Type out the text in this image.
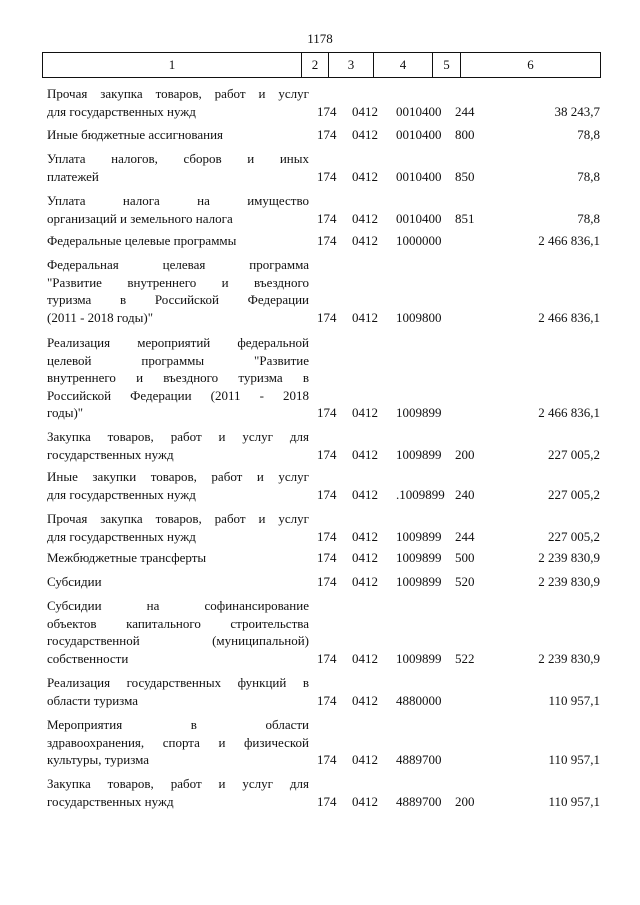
1178
1	2	3	4	5	6
Прочая закупка товаров, работ и услуг
для государственных нужд	174 0412 0010400 244	38 243,7
Иные бюджетные ассигнования	174 0412 0010400 800	78,8
Уплата налогов, сборов и иных
платежей	174 0412 0010400 850	78,8
Уплата налога на имущество
организаций и земельного налога	174 0412 0010400 851	78,8
Федеральные целевые программы	174 0412 1000000	2 466 836,1
Федеральная целевая программа
"Развитие внутреннего и въездного
туризма в Российской Федерации
(2011 - 2018 годы)"	174 0412 1009800	2 466 836,1
Реализация мероприятий федеральной
целевой программы "Развитие
внутреннего и въездного туризма в
Российской Федерации (2011 - 2018
годы)"	174 0412 1009899	2 466 836,1
Закупка товаров, работ и услуг для
государственных нужд	174 0412 1009899 200	227 005,2
Иные закупки товаров, работ и услуг
для государственных нужд	174 0412 .1009899 240	227 005,2
Прочая закупка товаров, работ и услуг
для государственных нужд	174 0412 1009899 244	227 005,2
Межбюджетные трансферты	174 0412 1009899 500	2 239 830,9
Субсидии	174 0412 1009899 520	2 239 830,9
Субсидии на софинансирование
объектов капитального строительства
государственной (муниципальной)
собственности	174 0412 1009899 522	2 239 830,9
Реализация государственных функций в
области туризма	174 0412 4880000	110 957,1
Мероприятия в области
здравоохранения, спорта и физической
культуры, туризма	174 0412 4889700	110 957,1
Закупка товаров, работ и услуг для
государственных нужд	174 0412 4889700 200	110 957,1
